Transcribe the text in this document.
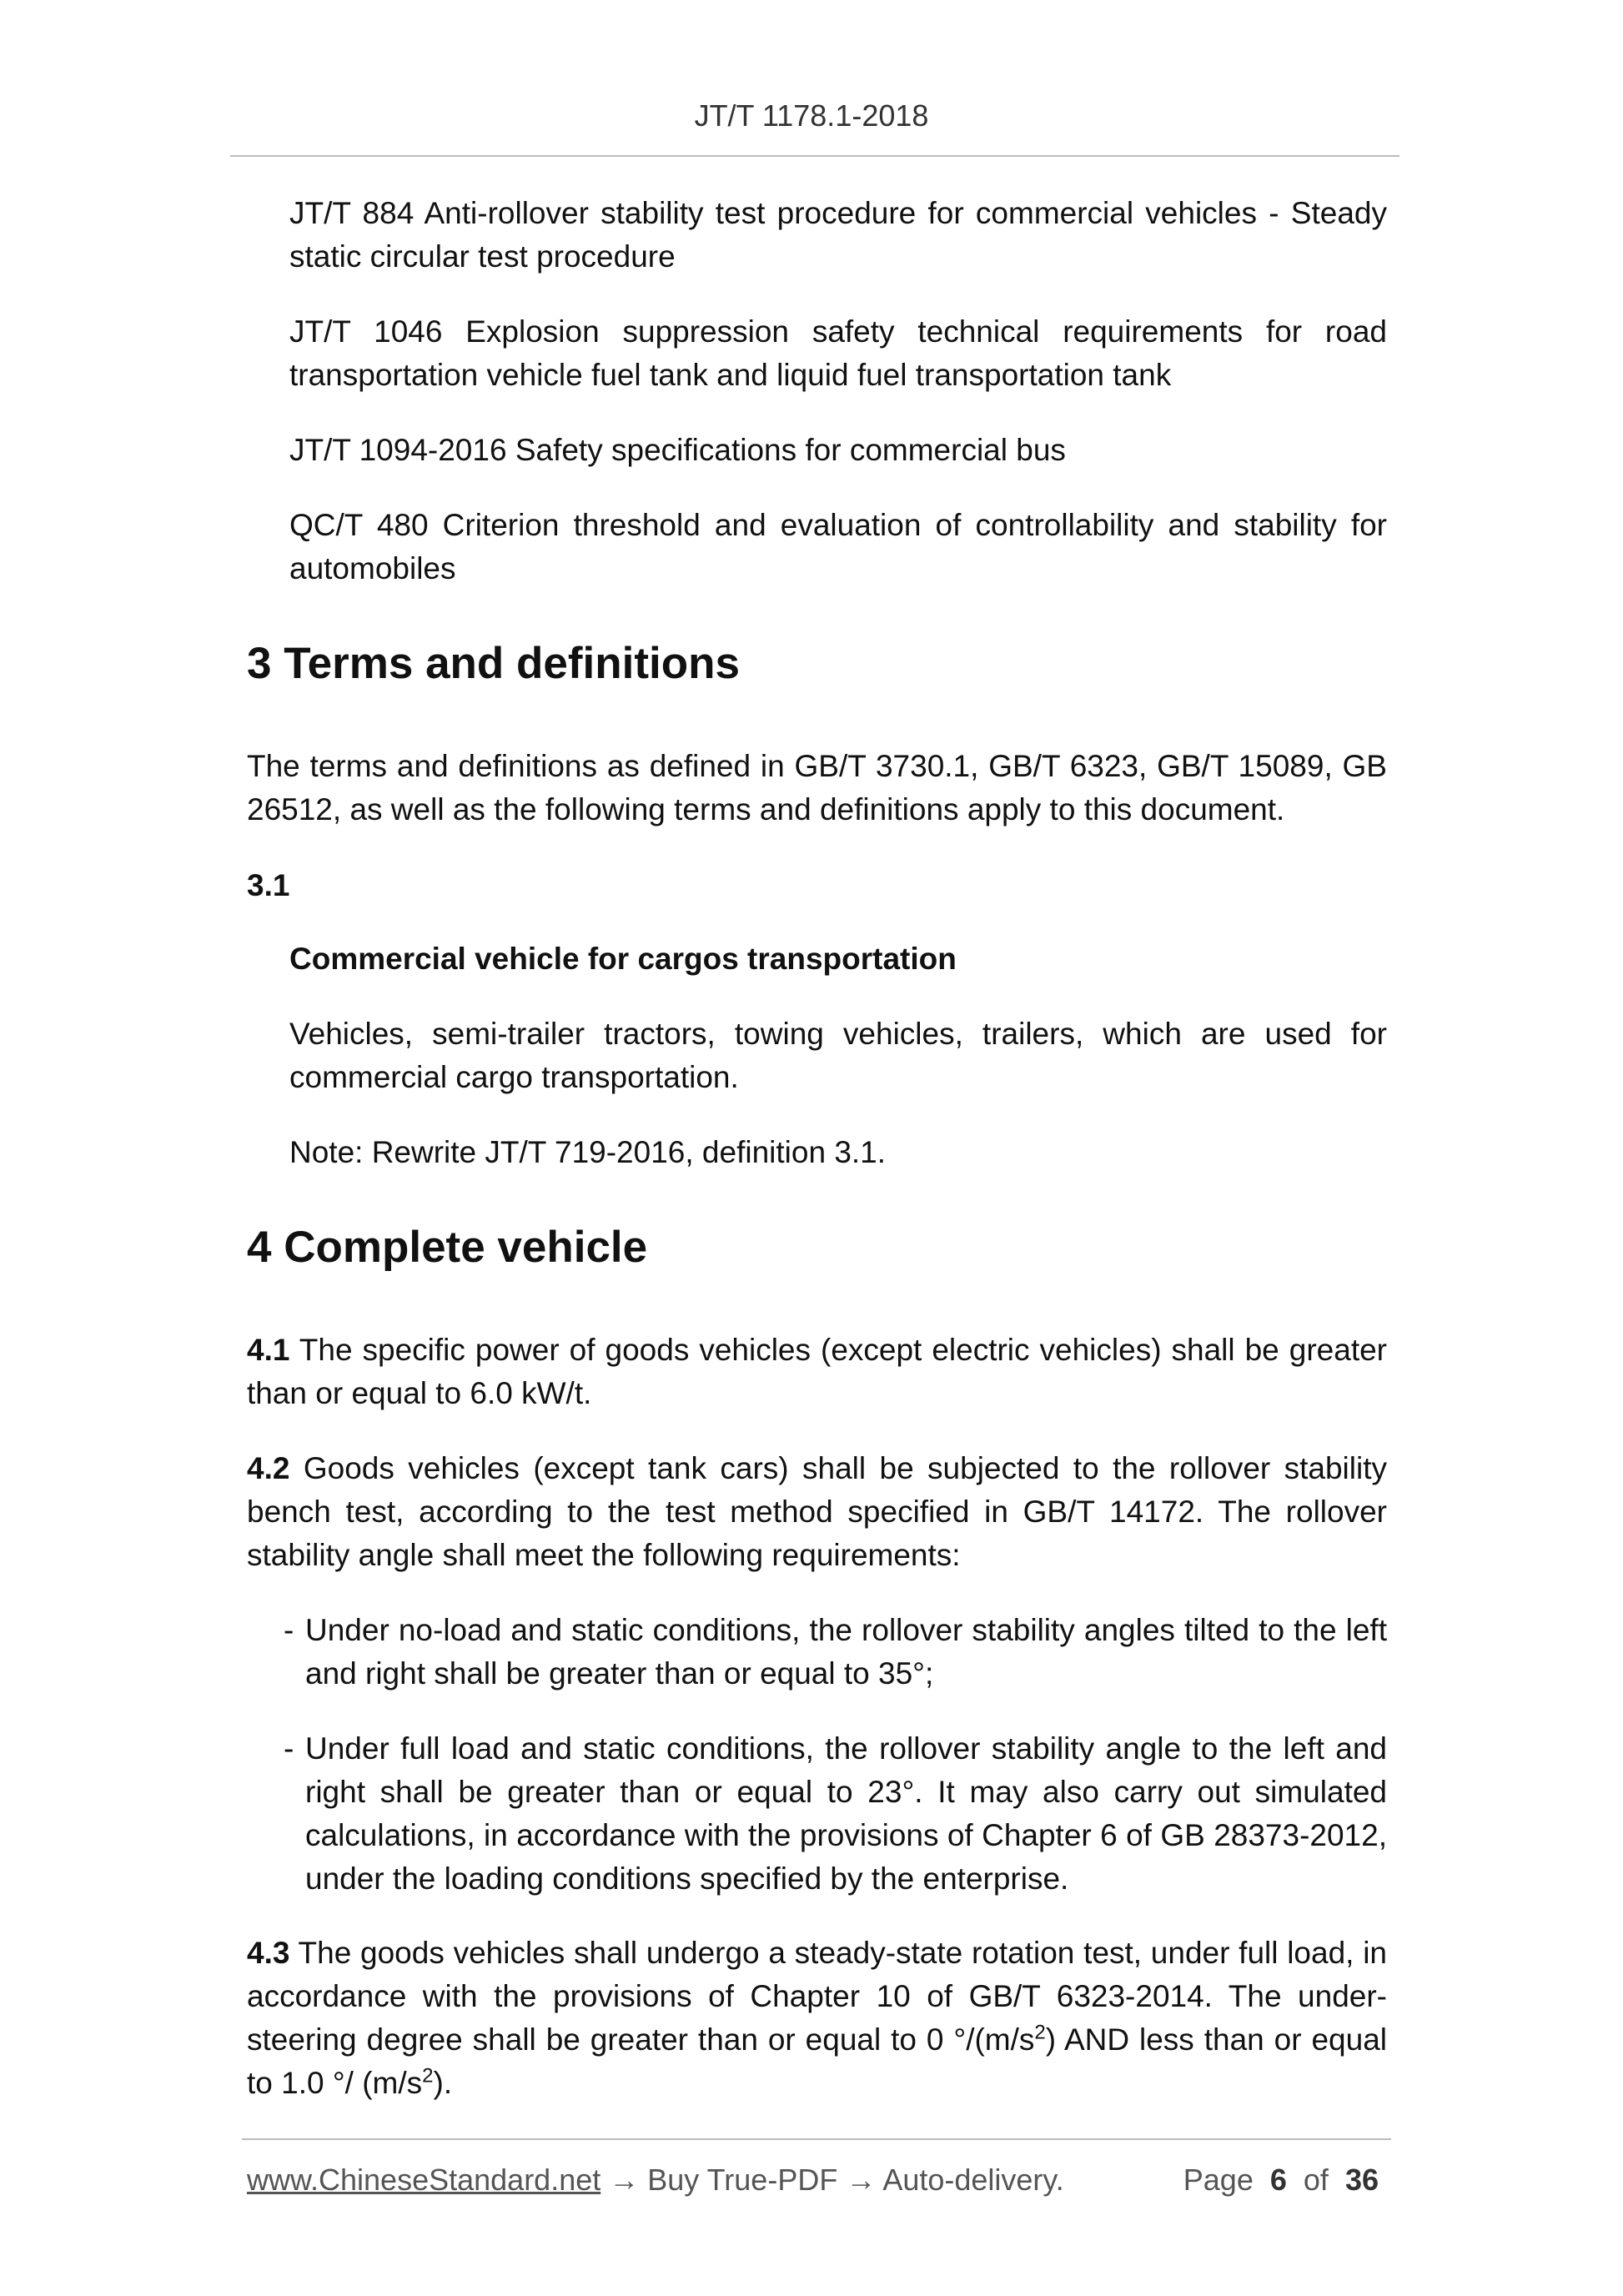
JT/T 1178.1-2018

JT/T 884 Anti-rollover stability test procedure for commercial vehicles - Steady static circular test procedure

JT/T 1046 Explosion suppression safety technical requirements for road transportation vehicle fuel tank and liquid fuel transportation tank

JT/T 1094-2016 Safety specifications for commercial bus

QC/T 480 Criterion threshold and evaluation of controllability and stability for automobiles

3 Terms and definitions

The terms and definitions as defined in GB/T 3730.1, GB/T 6323, GB/T 15089, GB 26512, as well as the following terms and definitions apply to this document.

3.1

Commercial vehicle for cargos transportation

Vehicles, semi-trailer tractors, towing vehicles, trailers, which are used for commercial cargo transportation.

Note: Rewrite JT/T 719-2016, definition 3.1.

4 Complete vehicle

4.1 The specific power of goods vehicles (except electric vehicles) shall be greater than or equal to 6.0 kW/t.

4.2 Goods vehicles (except tank cars) shall be subjected to the rollover stability bench test, according to the test method specified in GB/T 14172. The rollover stability angle shall meet the following requirements:

- Under no-load and static conditions, the rollover stability angles tilted to the left and right shall be greater than or equal to 35°;
- Under full load and static conditions, the rollover stability angle to the left and right shall be greater than or equal to 23°. It may also carry out simulated calculations, in accordance with the provisions of Chapter 6 of GB 28373-2012, under the loading conditions specified by the enterprise.

4.3 The goods vehicles shall undergo a steady-state rotation test, under full load, in accordance with the provisions of Chapter 10 of GB/T 6323-2014. The under-steering degree shall be greater than or equal to 0 $^\circ/(m/s^2)$ AND less than or equal to 1.0 °/ $(m/s^2)$.

www.ChineseStandard.net → Buy True-PDF → Auto-delivery.	Page 6 of 36
